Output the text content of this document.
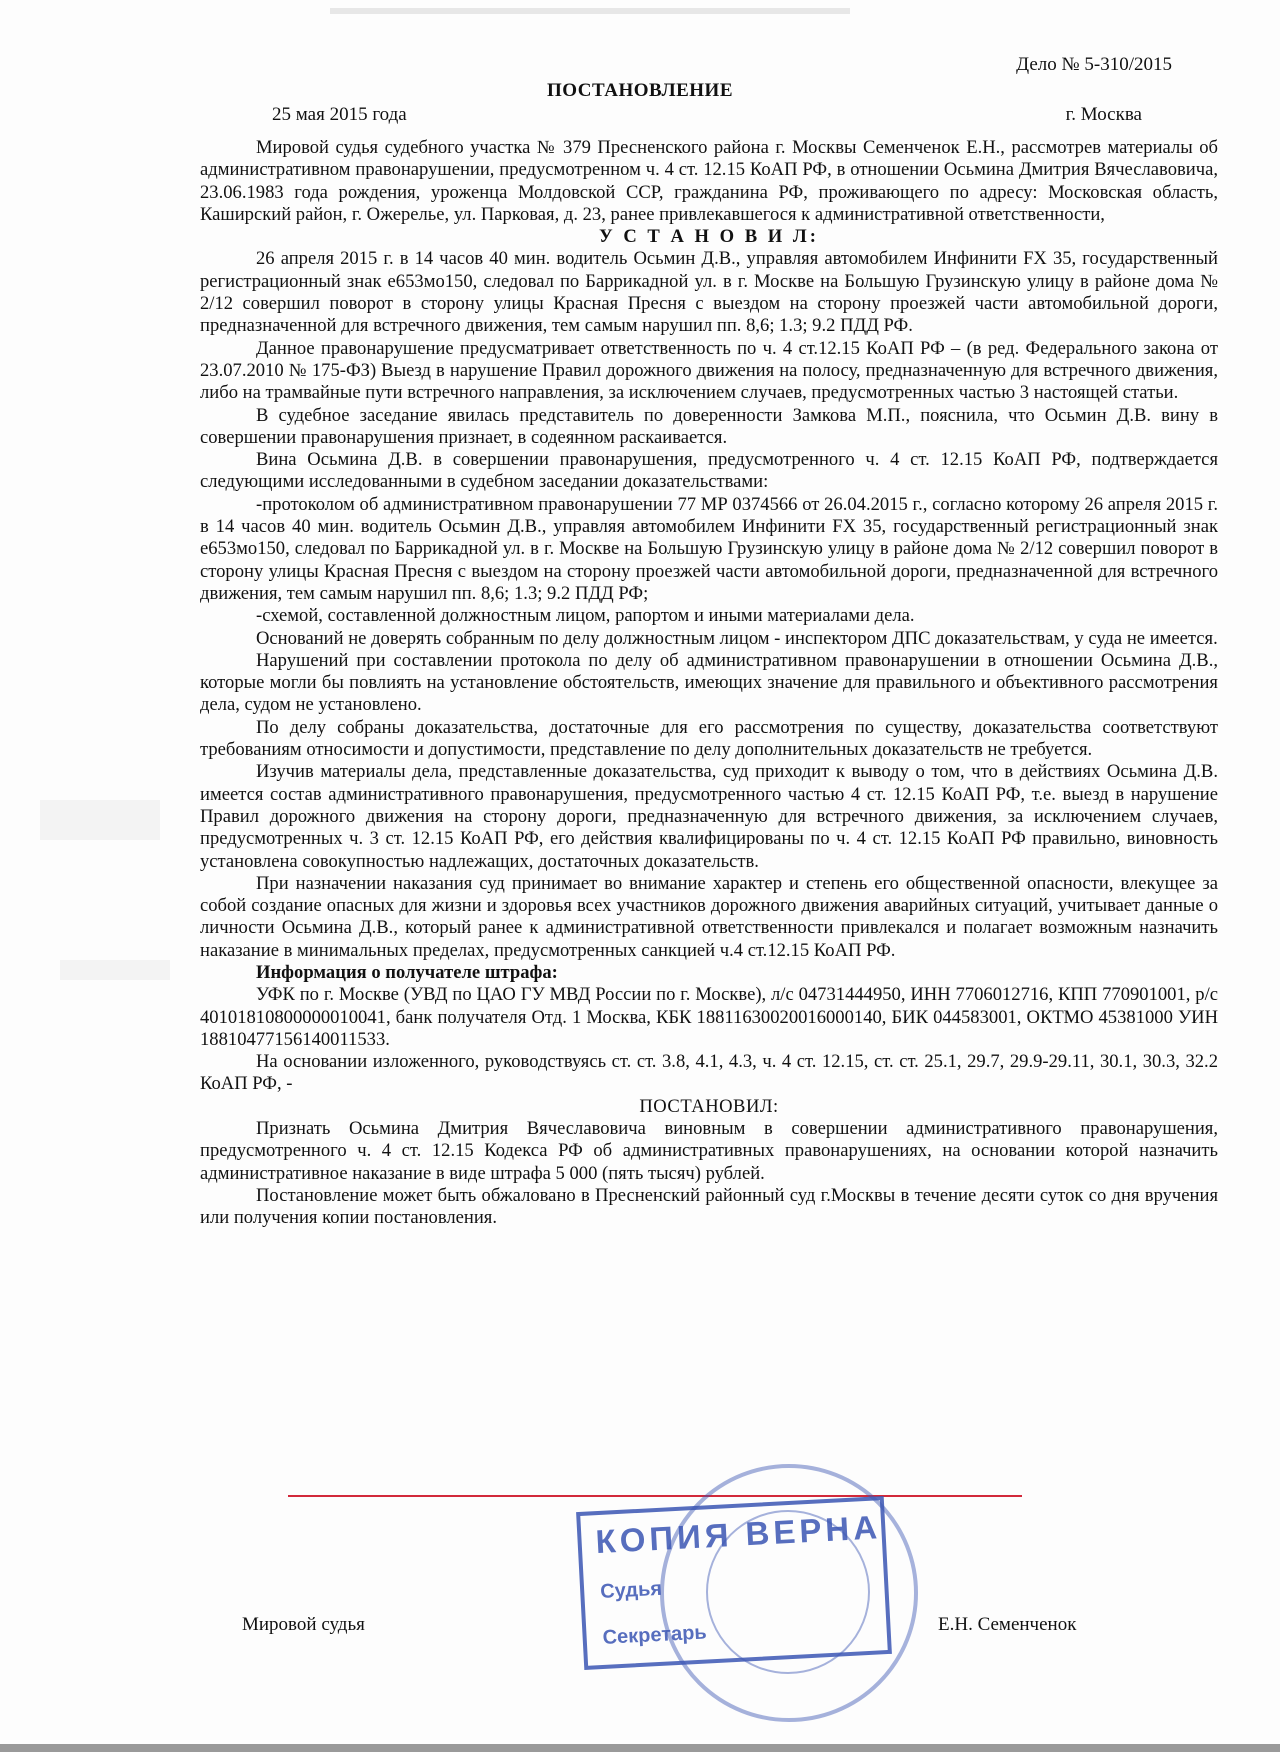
Дело № 5-310/2015
ПОСТАНОВЛЕНИЕ
25 мая 2015 года	г. Москва

Мировой судья судебного участка № 379 Пресненского района г. Москвы Семенченок Е.Н., рассмотрев материалы об административном правонарушении, предусмотренном ч. 4 ст. 12.15 КоАП РФ, в отношении Осьмина Дмитрия Вячеславовича, 23.06.1983 года рождения, уроженца Молдовской ССР, гражданина РФ, проживающего по адресу: Московская область, Каширский район, г. Ожерелье, ул. Парковая, д. 23, ранее привлекавшегося к административной ответственности,

У С Т А Н О В И Л:

26 апреля 2015 г. в 14 часов 40 мин. водитель Осьмин Д.В., управляя автомобилем Инфинити FX 35, государственный регистрационный знак е653мо150, следовал по Баррикадной ул. в г. Москве на Большую Грузинскую улицу в районе дома № 2/12 совершил поворот в сторону улицы Красная Пресня с выездом на сторону проезжей части автомобильной дороги, предназначенной для встречного движения, тем самым нарушил пп. 8,6; 1.3; 9.2 ПДД РФ.

Данное правонарушение предусматривает ответственность по ч. 4 ст.12.15 КоАП РФ – (в ред. Федерального закона от 23.07.2010 № 175-ФЗ) Выезд в нарушение Правил дорожного движения на полосу, предназначенную для встречного движения, либо на трамвайные пути встречного направления, за исключением случаев, предусмотренных частью 3 настоящей статьи.

В судебное заседание явилась представитель по доверенности Замкова М.П., пояснила, что Осьмин Д.В. вину в совершении правонарушения признает, в содеянном раскаивается.

Вина Осьмина Д.В. в совершении правонарушения, предусмотренного ч. 4 ст. 12.15 КоАП РФ, подтверждается следующими исследованными в судебном заседании доказательствами:

-протоколом об административном правонарушении 77 МР 0374566 от 26.04.2015 г., согласно которому 26 апреля 2015 г. в 14 часов 40 мин. водитель Осьмин Д.В., управляя автомобилем Инфинити FX 35, государственный регистрационный знак е653мо150, следовал по Баррикадной ул. в г. Москве на Большую Грузинскую улицу в районе дома № 2/12 совершил поворот в сторону улицы Красная Пресня с выездом на сторону проезжей части автомобильной дороги, предназначенной для встречного движения, тем самым нарушил пп. 8,6; 1.3; 9.2 ПДД РФ;

-схемой, составленной должностным лицом, рапортом и иными материалами дела.

Оснований не доверять собранным по делу должностным лицом - инспектором ДПС доказательствам, у суда не имеется.

Нарушений при составлении протокола по делу об административном правонарушении в отношении Осьмина Д.В., которые могли бы повлиять на установление обстоятельств, имеющих значение для правильного и объективного рассмотрения дела, судом не установлено.

По делу собраны доказательства, достаточные для его рассмотрения по существу, доказательства соответствуют требованиям относимости и допустимости, представление по делу дополнительных доказательств не требуется.

Изучив материалы дела, представленные доказательства, суд приходит к выводу о том, что в действиях Осьмина Д.В. имеется состав административного правонарушения, предусмотренного частью 4 ст. 12.15 КоАП РФ, т.е. выезд в нарушение Правил дорожного движения на сторону дороги, предназначенную для встречного движения, за исключением случаев, предусмотренных ч. 3 ст. 12.15 КоАП РФ, его действия квалифицированы по ч. 4 ст. 12.15 КоАП РФ правильно, виновность установлена совокупностью надлежащих, достаточных доказательств.

При назначении наказания суд принимает во внимание характер и степень его общественной опасности, влекущее за собой создание опасных для жизни и здоровья всех участников дорожного движения аварийных ситуаций, учитывает данные о личности Осьмина Д.В., который ранее к административной ответственности привлекался и полагает возможным назначить наказание в минимальных пределах, предусмотренных санкцией ч.4 ст.12.15 КоАП РФ.

Информация о получателе штрафа:

УФК по г. Москве (УВД по ЦАО ГУ МВД России по г. Москве), л/с 04731444950, ИНН 7706012716, КПП 770901001, р/с 40101810800000010041, банк получателя Отд. 1 Москва, КБК 18811630020016000140, БИК 044583001, ОКТМО 45381000 УИН 18810477156140011533.

На основании изложенного, руководствуясь ст. ст. 3.8, 4.1, 4.3, ч. 4 ст. 12.15, ст. ст. 25.1, 29.7, 29.9-29.11, 30.1, 30.3, 32.2 КоАП РФ, -

ПОСТАНОВИЛ:

Признать Осьмина Дмитрия Вячеславовича виновным в совершении административного правонарушения, предусмотренного ч. 4 ст. 12.15 Кодекса РФ об административных правонарушениях, на основании которой назначить административное наказание в виде штрафа 5 000 (пять тысяч) рублей.

Постановление может быть обжаловано в Пресненский районный суд г.Москвы в течение десяти суток со дня вручения или получения копии постановления.

КОПИЯ ВЕРНА
Судья
Секретарь
Мировой судья	Е.Н. Семенченок
